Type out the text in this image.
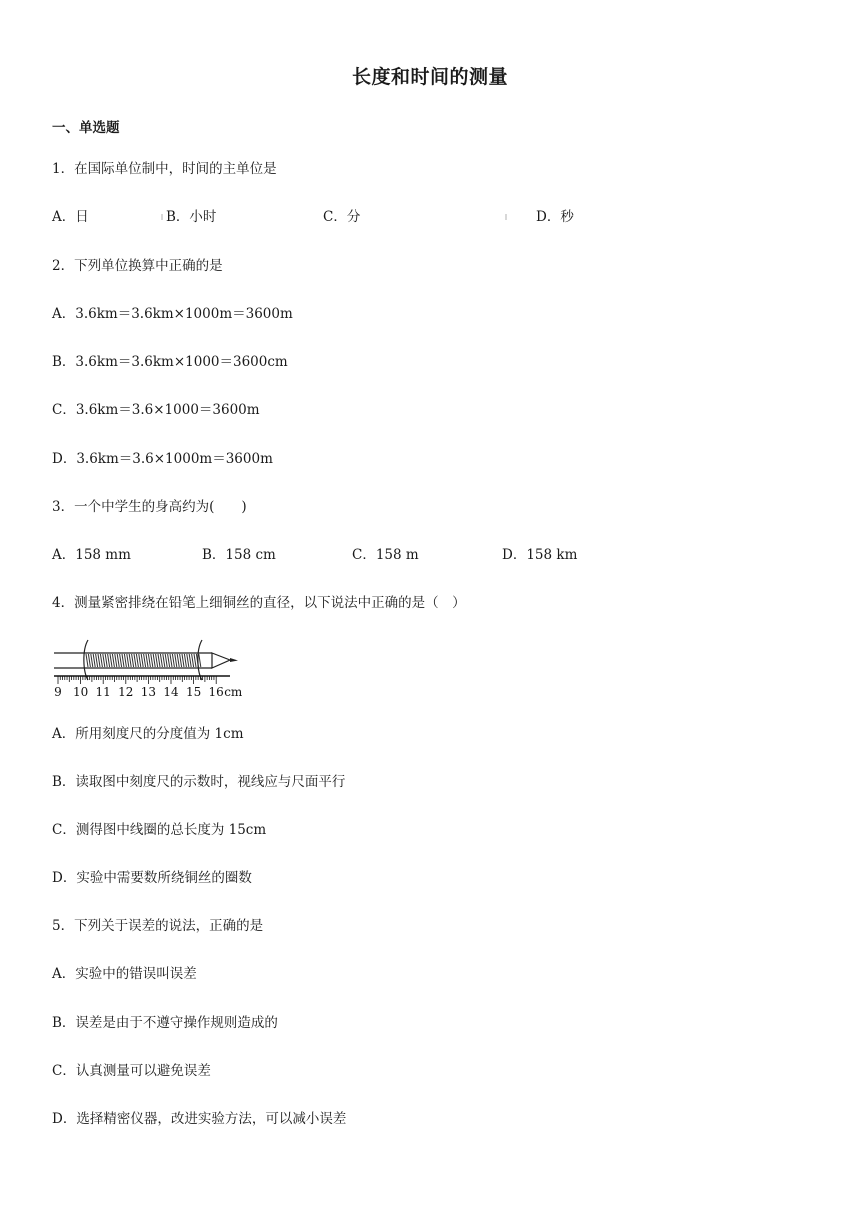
长度和时间的测量
一、单选题
1．在国际单位制中，时间的主单位是
A．日	B．小时	C．分	D．秒
2．下列单位换算中正确的是
A．3.6km＝3.6km×1000m＝3600m
B．3.6km＝3.6km×1000＝3600cm
C．3.6km＝3.6×1000＝3600m
D．3.6km＝3.6×1000m＝3600m
3．一个中学生的身高约为(　　)
A．158 mm	B．158 cm	C．158 m	D．158 km
4．测量紧密排绕在铅笔上细铜丝的直径，以下说法中正确的是（　）
9 10 11 12 13 14 15 16 cm
A．所用刻度尺的分度值为 1cm
B．读取图中刻度尺的示数时，视线应与尺面平行
C．测得图中线圈的总长度为 15cm
D．实验中需要数所绕铜丝的圈数
5．下列关于误差的说法，正确的是
A．实验中的错误叫误差
B．误差是由于不遵守操作规则造成的
C．认真测量可以避免误差
D．选择精密仪器，改进实验方法，可以减小误差
